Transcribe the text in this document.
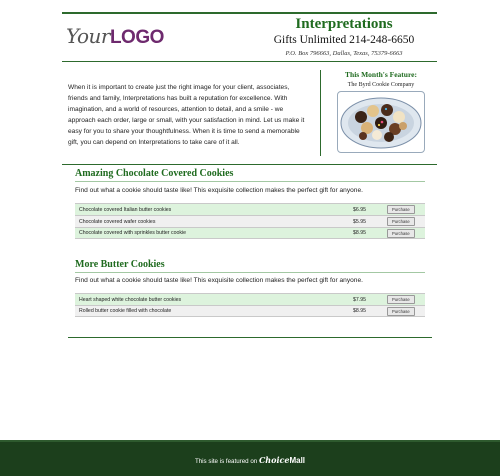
YourLOGO
Interpretations
Gifts Unlimited 214-248-6650
P.O. Box 796663, Dallas, Texas, 75379-6663
When it is important to create just the right image for your client, associates, friends and family, Interpretations has built a reputation for excellence. With imagination, and a world of resources, attention to detail, and a smile - we approach each order, large or small, with your satisfaction in mind. Let us make it easy for you to share your thoughtfulness. When it is time to send a memorable gift, you can depend on Interpretations to take care of it all.
This Month's Feature:
The Byrd Cookie Company
Amazing Chocolate Covered Cookies
Find out what a cookie should taste like! This exquisite collection makes the perfect gift for anyone.
Chocolate covered Italian butter cookies	$6.95	Purchase
Chocolate covered wafer cookies	$5.95	Purchase
Chocolate covered with sprinkles butter cookie	$8.95	Purchase
More Butter Cookies
Find out what a cookie should taste like! This exquisite collection makes the perfect gift for anyone.
Heart shaped white chocolate butter cookies	$7.95	Purchase
Rolled butter cookie filled with chocolate	$8.95	Purchase
This site is featured on ChoiceMall
